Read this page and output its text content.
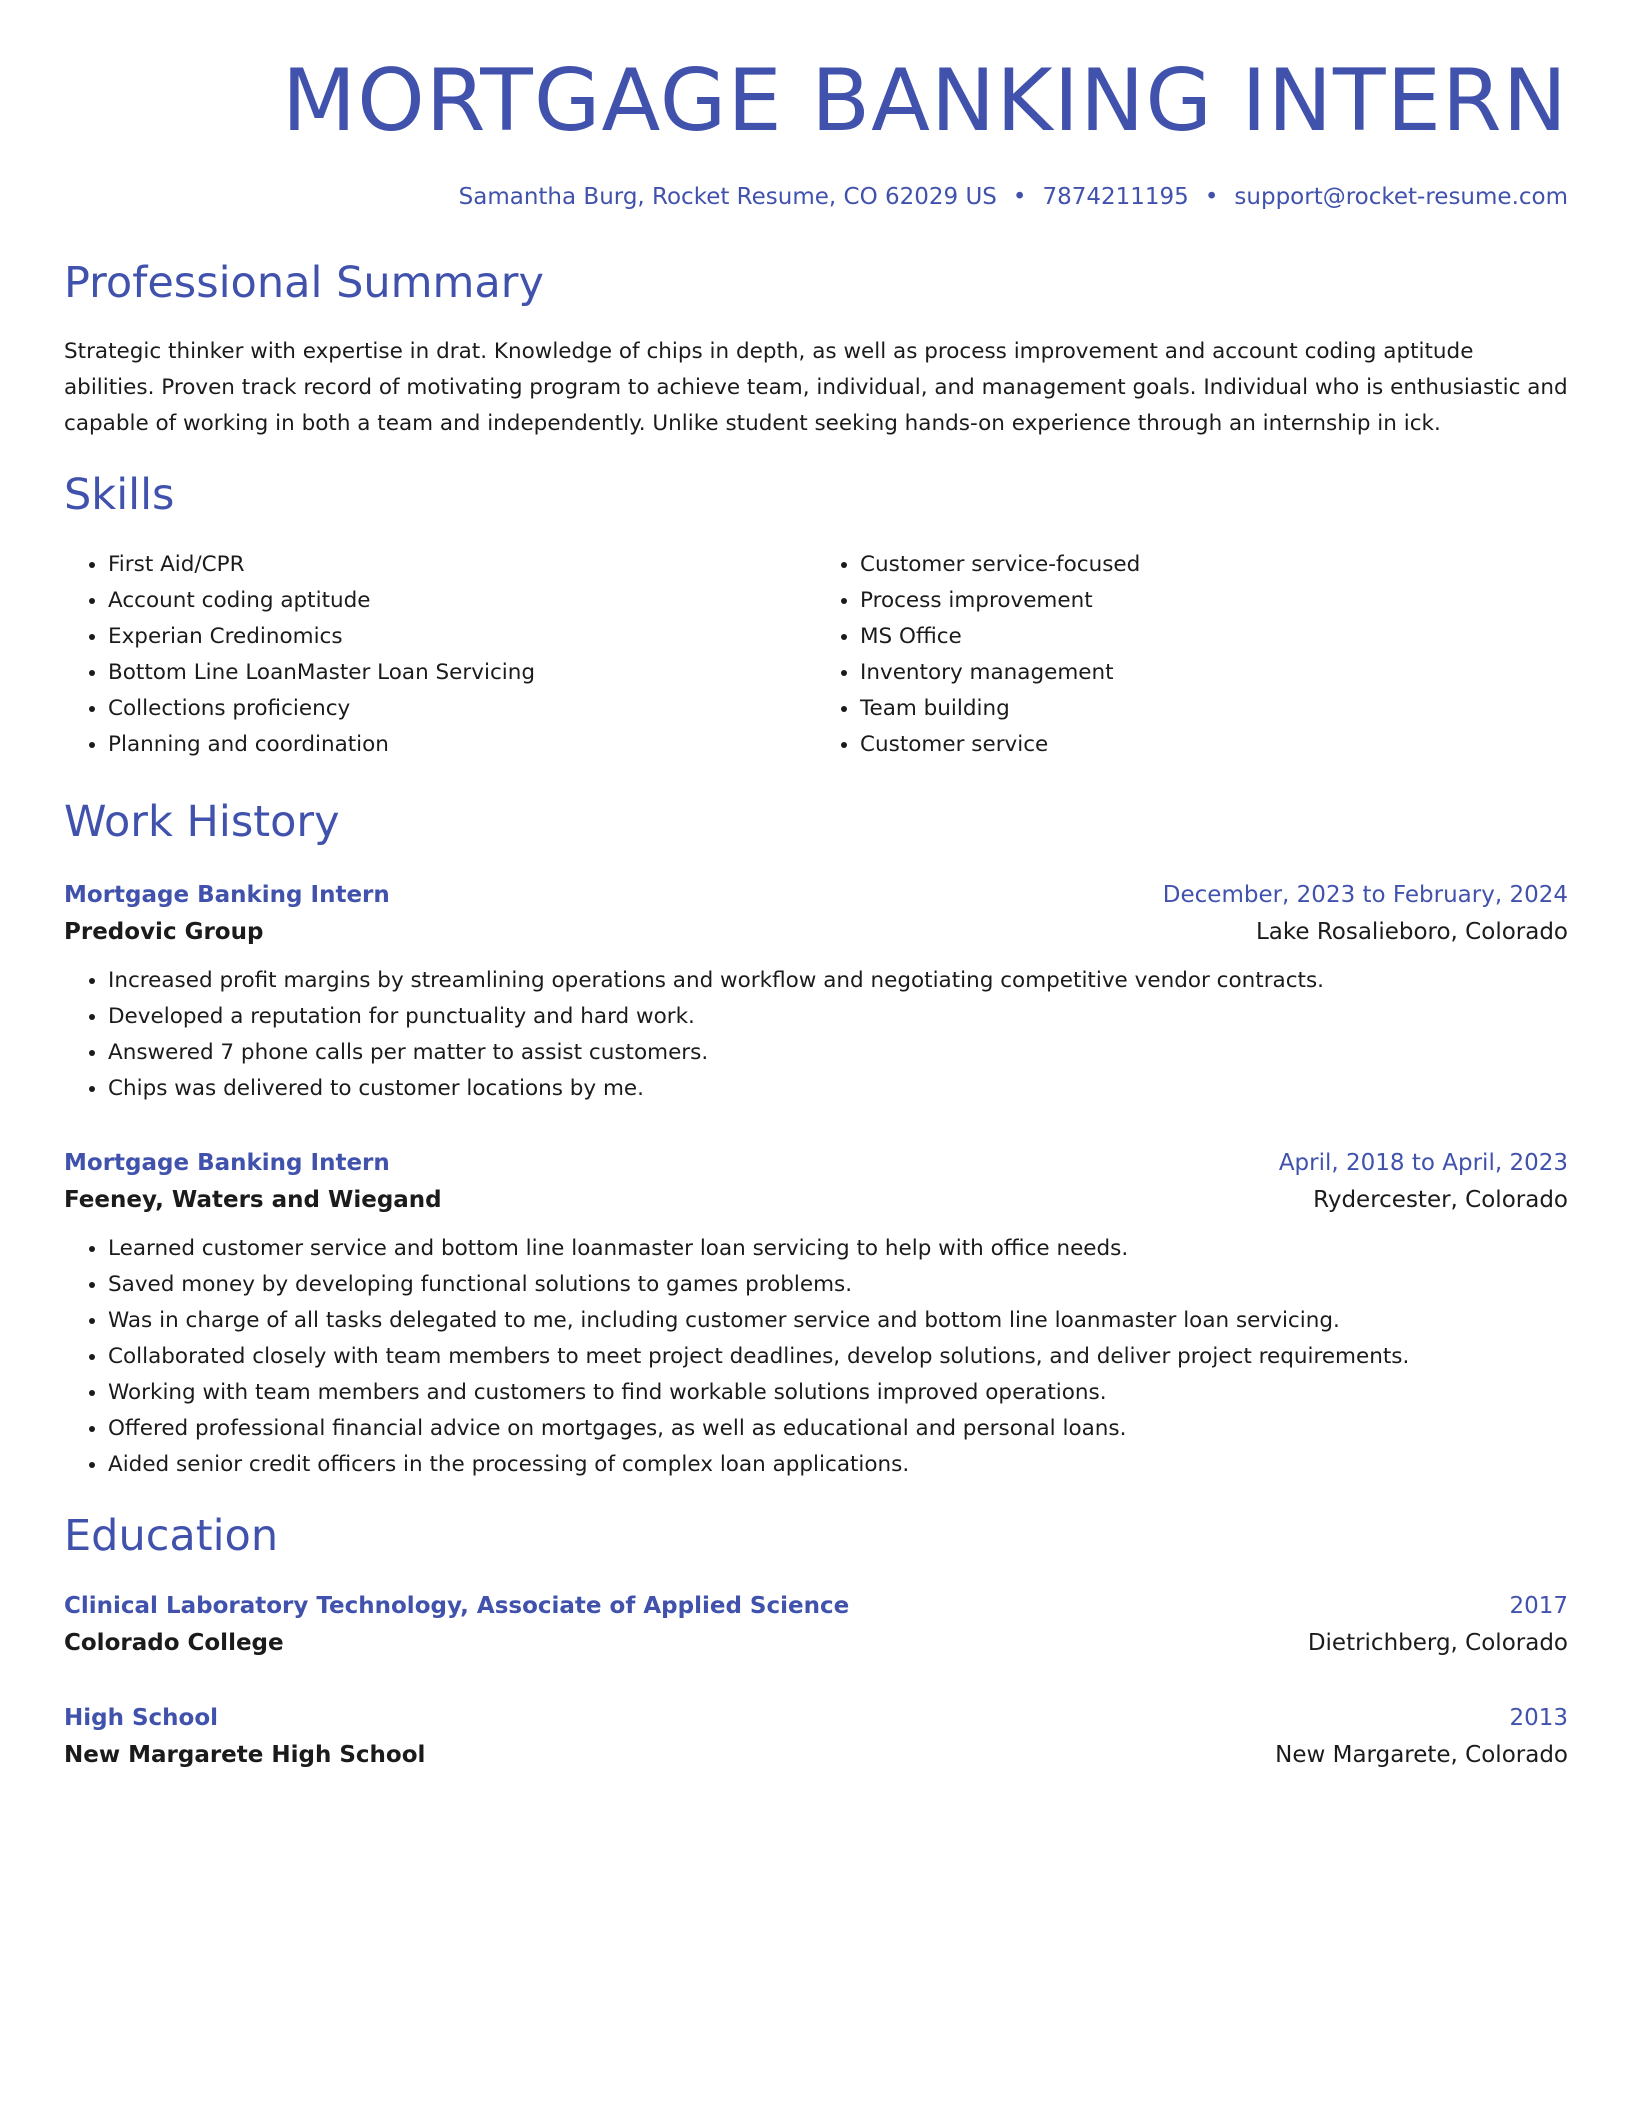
MORTGAGE BANKING INTERN
Samantha Burg, Rocket Resume, CO 62029 US • 7874211195 • support@rocket-resume.com
Professional Summary
Strategic thinker with expertise in drat. Knowledge of chips in depth, as well as process improvement and account coding aptitude abilities. Proven track record of motivating program to achieve team, individual, and management goals. Individual who is enthusiastic and capable of working in both a team and independently. Unlike student seeking hands-on experience through an internship in ick.
Skills
• First Aid/CPR
• Account coding aptitude
• Experian Credinomics
• Bottom Line LoanMaster Loan Servicing
• Collections proficiency
• Planning and coordination
• Customer service-focused
• Process improvement
• MS Office
• Inventory management
• Team building
• Customer service
Work History
Mortgage Banking Intern	December, 2023 to February, 2024
Predovic Group	Lake Rosalieboro, Colorado
• Increased profit margins by streamlining operations and workflow and negotiating competitive vendor contracts.
• Developed a reputation for punctuality and hard work.
• Answered 7 phone calls per matter to assist customers.
• Chips was delivered to customer locations by me.
Mortgage Banking Intern	April, 2018 to April, 2023
Feeney, Waters and Wiegand	Rydercester, Colorado
• Learned customer service and bottom line loanmaster loan servicing to help with office needs.
• Saved money by developing functional solutions to games problems.
• Was in charge of all tasks delegated to me, including customer service and bottom line loanmaster loan servicing.
• Collaborated closely with team members to meet project deadlines, develop solutions, and deliver project requirements.
• Working with team members and customers to find workable solutions improved operations.
• Offered professional financial advice on mortgages, as well as educational and personal loans.
• Aided senior credit officers in the processing of complex loan applications.
Education
Clinical Laboratory Technology, Associate of Applied Science	2017
Colorado College	Dietrichberg, Colorado
High School	2013
New Margarete High School	New Margarete, Colorado
